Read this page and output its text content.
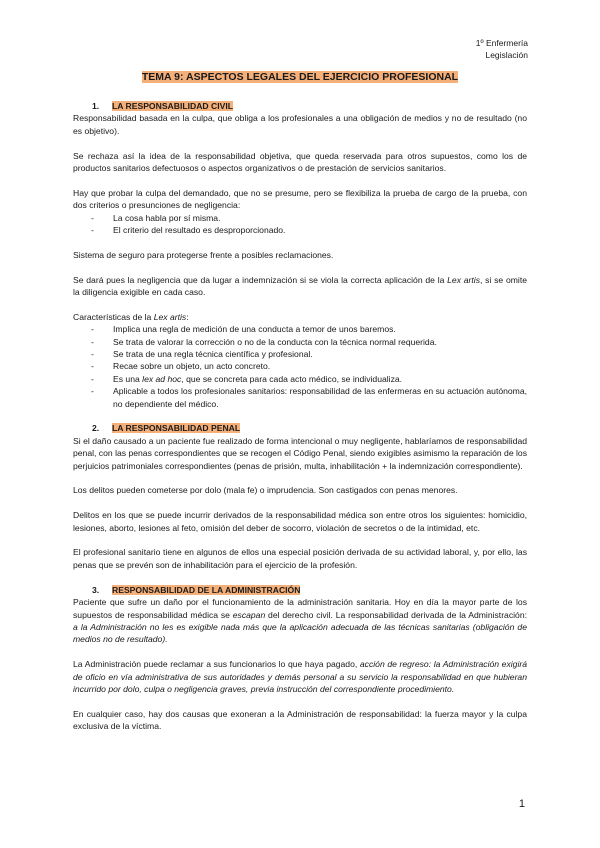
1º Enfermería
Legislación
TEMA 9: ASPECTOS LEGALES DEL EJERCICIO PROFESIONAL
1. LA RESPONSABILIDAD CIVIL

Responsabilidad basada en la culpa, que obliga a los profesionales a una obligación de medios y no de resultado (no es objetivo).

Se rechaza así la idea de la responsabilidad objetiva, que queda reservada para otros supuestos, como los de productos sanitarios defectuosos o aspectos organizativos o de prestación de servicios sanitarios.

Hay que probar la culpa del demandado, que no se presume, pero se flexibiliza la prueba de cargo de la prueba, con dos criterios o presunciones de negligencia:

- La cosa habla por sí misma.
- El criterio del resultado es desproporcionado.

Sistema de seguro para protegerse frente a posibles reclamaciones.

Se dará pues la negligencia que da lugar a indemnización si se viola la correcta aplicación de la Lex artis, si se omite la diligencia exigible en cada caso.

Características de la Lex artis:

- Implica una regla de medición de una conducta a temor de unos baremos.
- Se trata de valorar la corrección o no de la conducta con la técnica normal requerida.
- Se trata de una regla técnica científica y profesional.
- Recae sobre un objeto, un acto concreto.
- Es una lex ad hoc, que se concreta para cada acto médico, se individualiza.
- Aplicable a todos los profesionales sanitarios: responsabilidad de las enfermeras en su actuación autónoma, no dependiente del médico.
2. LA RESPONSABILIDAD PENAL

Si el daño causado a un paciente fue realizado de forma intencional o muy negligente, hablaríamos de responsabilidad penal, con las penas correspondientes que se recogen el Código Penal, siendo exigibles asimismo la reparación de los perjuicios patrimoniales correspondientes (penas de prisión, multa, inhabilitación + la indemnización correspondiente).

Los delitos pueden cometerse por dolo (mala fe) o imprudencia. Son castigados con penas menores.

Delitos en los que se puede incurrir derivados de la responsabilidad médica son entre otros los siguientes: homicidio, lesiones, aborto, lesiones al feto, omisión del deber de socorro, violación de secretos o de la intimidad, etc.

El profesional sanitario tiene en algunos de ellos una especial posición derivada de su actividad laboral, y, por ello, las penas que se prevén son de inhabilitación para el ejercicio de la profesión.

3. RESPONSABILIDAD DE LA ADMINISTRACIÓN

Paciente que sufre un daño por el funcionamiento de la administración sanitaria. Hoy en día la mayor parte de los supuestos de responsabilidad médica se escapan del derecho civil. La responsabilidad derivada de la Administración: a la Administración no les es exigible nada más que la aplicación adecuada de las técnicas sanitarias (obligación de medios no de resultado).

La Administración puede reclamar a sus funcionarios lo que haya pagado, acción de regreso: la Administración exigirá de oficio en vía administrativa de sus autoridades y demás personal a su servicio la responsabilidad en que hubieran incurrido por dolo, culpa o negligencia graves, previa instrucción del correspondiente procedimiento.

En cualquier caso, hay dos causas que exoneran a la Administración de responsabilidad: la fuerza mayor y la culpa exclusiva de la víctima.

1
